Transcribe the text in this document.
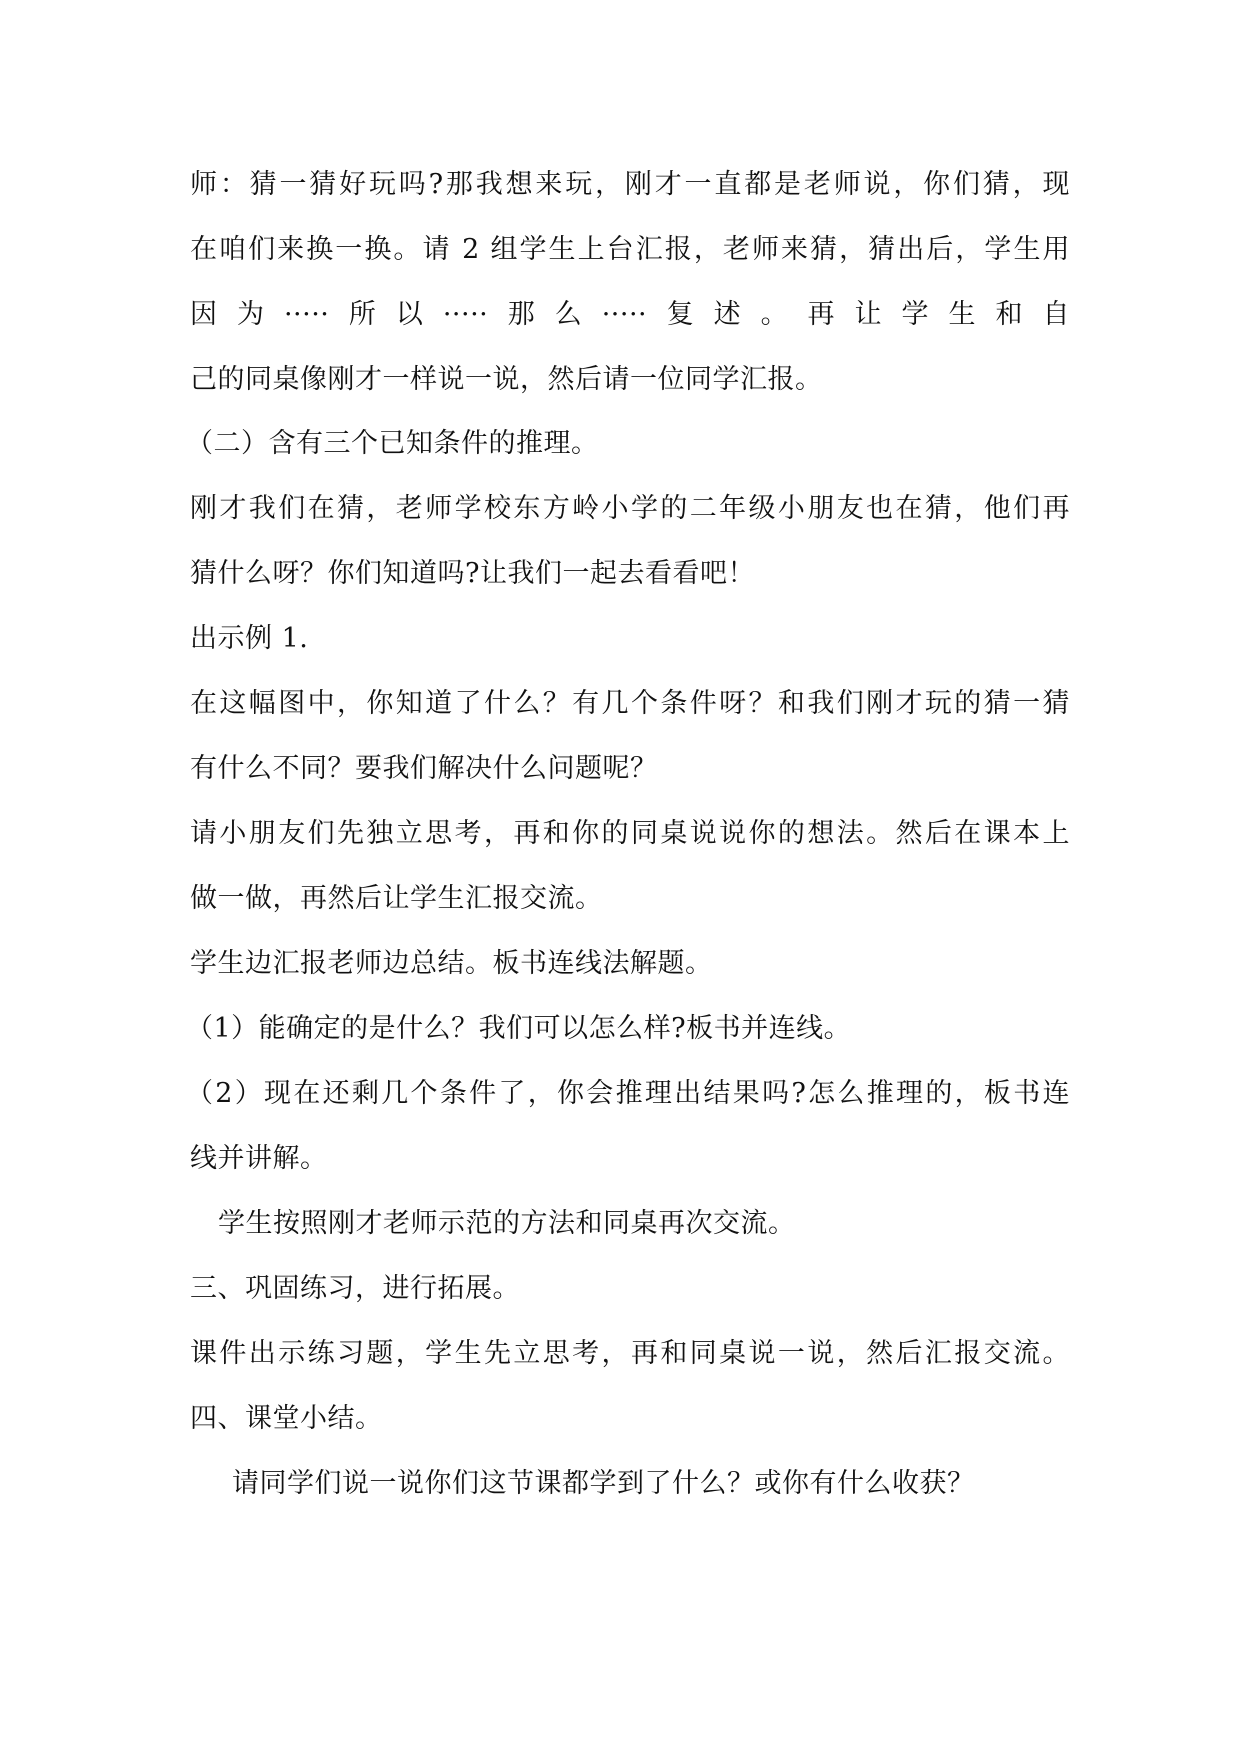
师：猜一猜好玩吗?那我想来玩，刚才一直都是老师说，你们猜，现
在咱们来换一换。请 2 组学生上台汇报，老师来猜，猜出后，学生用
因为·····所以·····那么·····复述。再让学生和自
己的同桌像刚才一样说一说，然后请一位同学汇报。
（二）含有三个已知条件的推理。
刚才我们在猜，老师学校东方岭小学的二年级小朋友也在猜，他们再
猜什么呀？你们知道吗?让我们一起去看看吧！
出示例 1.
在这幅图中，你知道了什么？有几个条件呀？和我们刚才玩的猜一猜
有什么不同？要我们解决什么问题呢？
请小朋友们先独立思考，再和你的同桌说说你的想法。然后在课本上
做一做，再然后让学生汇报交流。
学生边汇报老师边总结。板书连线法解题。
（1）能确定的是什么？我们可以怎么样?板书并连线。
（2）现在还剩几个条件了，你会推理出结果吗?怎么推理的，板书连
线并讲解。
学生按照刚才老师示范的方法和同桌再次交流。
三、巩固练习，进行拓展。
课件出示练习题，学生先立思考，再和同桌说一说，然后汇报交流。
四、课堂小结。
请同学们说一说你们这节课都学到了什么？或你有什么收获？
